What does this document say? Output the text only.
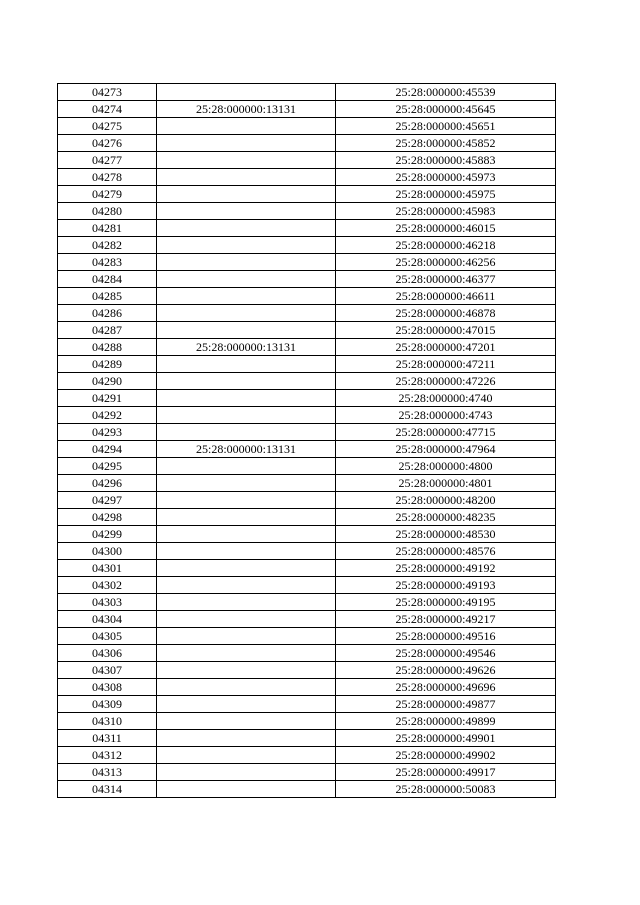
04273		25:28:000000:45539
04274	25:28:000000:13131	25:28:000000:45645
04275		25:28:000000:45651
04276		25:28:000000:45852
04277		25:28:000000:45883
04278		25:28:000000:45973
04279		25:28:000000:45975
04280		25:28:000000:45983
04281		25:28:000000:46015
04282		25:28:000000:46218
04283		25:28:000000:46256
04284		25:28:000000:46377
04285		25:28:000000:46611
04286		25:28:000000:46878
04287		25:28:000000:47015
04288	25:28:000000:13131	25:28:000000:47201
04289		25:28:000000:47211
04290		25:28:000000:47226
04291		25:28:000000:4740
04292		25:28:000000:4743
04293		25:28:000000:47715
04294	25:28:000000:13131	25:28:000000:47964
04295		25:28:000000:4800
04296		25:28:000000:4801
04297		25:28:000000:48200
04298		25:28:000000:48235
04299		25:28:000000:48530
04300		25:28:000000:48576
04301		25:28:000000:49192
04302		25:28:000000:49193
04303		25:28:000000:49195
04304		25:28:000000:49217
04305		25:28:000000:49516
04306		25:28:000000:49546
04307		25:28:000000:49626
04308		25:28:000000:49696
04309		25:28:000000:49877
04310		25:28:000000:49899
04311		25:28:000000:49901
04312		25:28:000000:49902
04313		25:28:000000:49917
04314		25:28:000000:50083
